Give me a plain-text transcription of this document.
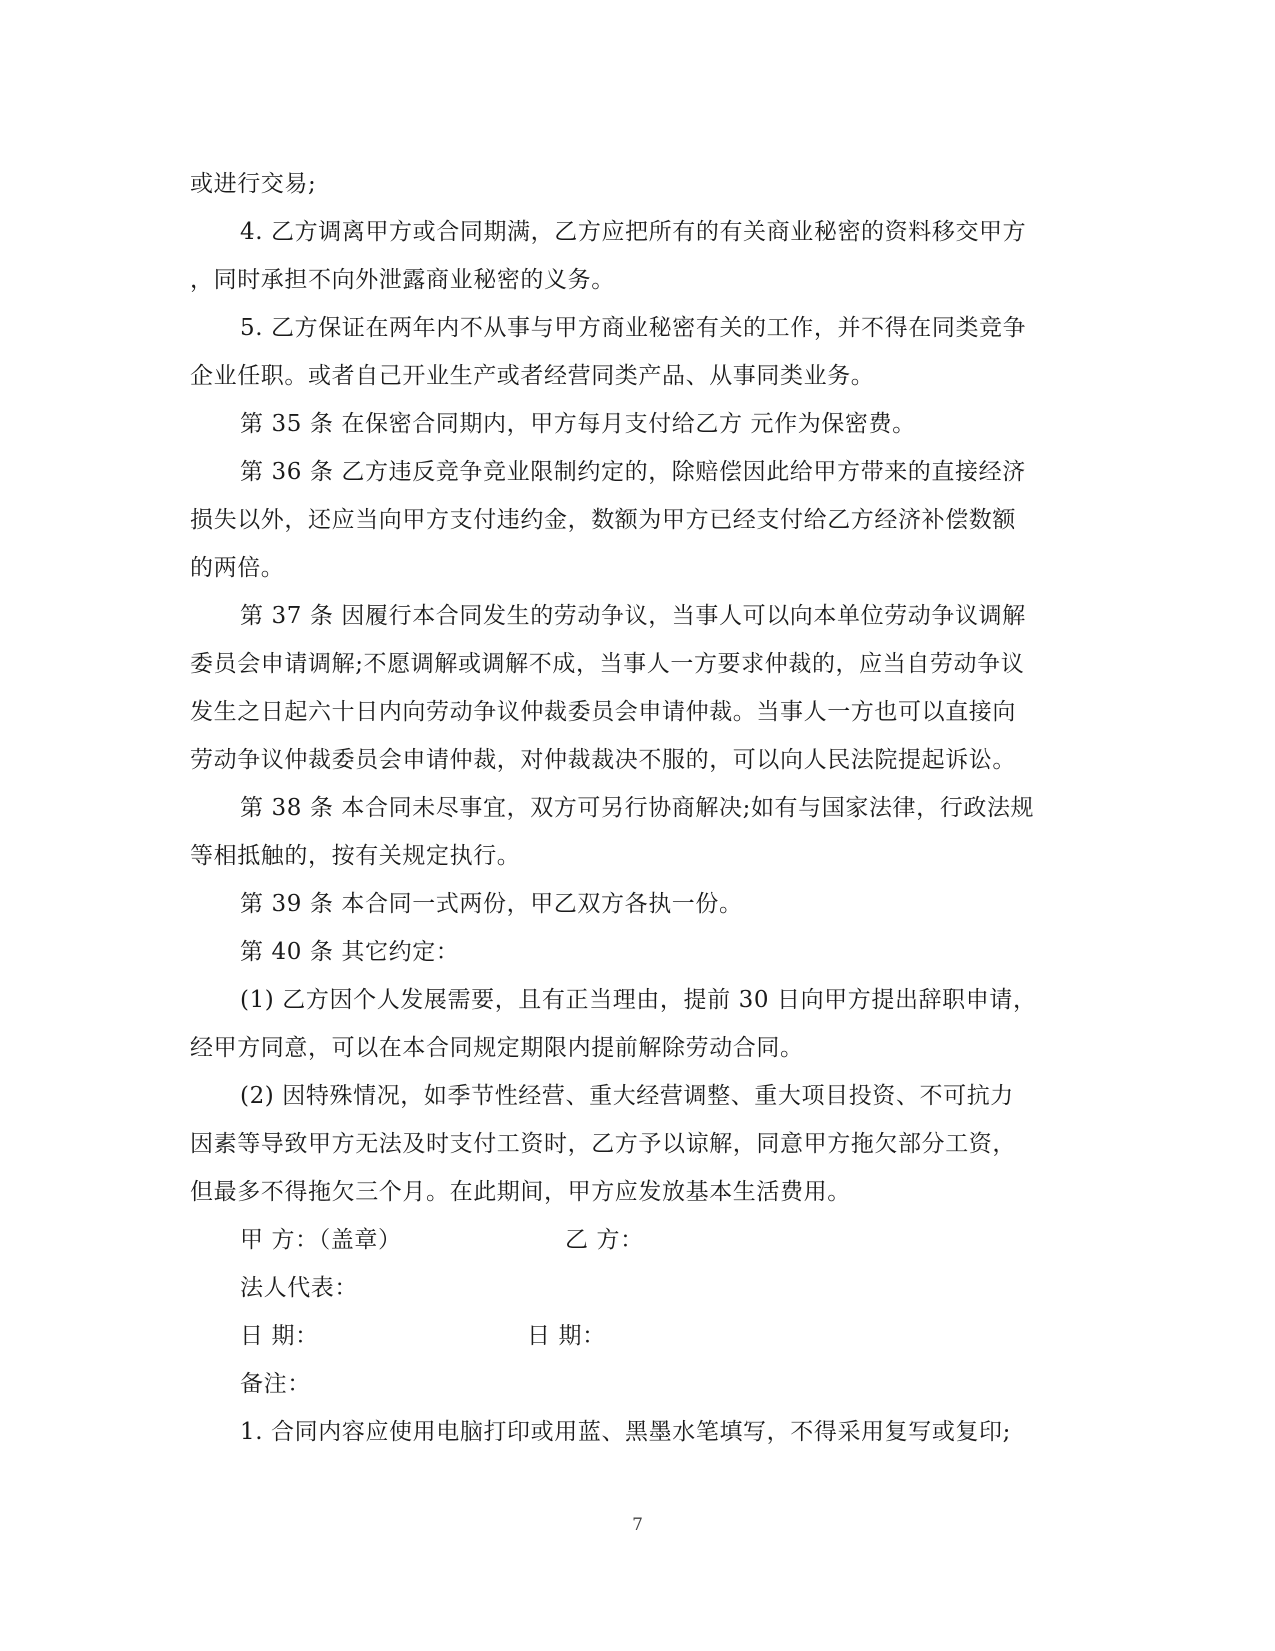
或进行交易;
4. 乙方调离甲方或合同期满，乙方应把所有的有关商业秘密的资料移交甲方
，同时承担不向外泄露商业秘密的义务。
5. 乙方保证在两年内不从事与甲方商业秘密有关的工作，并不得在同类竞争
企业任职。或者自己开业生产或者经营同类产品、从事同类业务。
第 35 条 在保密合同期内，甲方每月支付给乙方 元作为保密费。
第 36 条 乙方违反竞争竞业限制约定的，除赔偿因此给甲方带来的直接经济
损失以外，还应当向甲方支付违约金，数额为甲方已经支付给乙方经济补偿数额
的两倍。
第 37 条 因履行本合同发生的劳动争议，当事人可以向本单位劳动争议调解
委员会申请调解;不愿调解或调解不成，当事人一方要求仲裁的，应当自劳动争议
发生之日起六十日内向劳动争议仲裁委员会申请仲裁。当事人一方也可以直接向
劳动争议仲裁委员会申请仲裁，对仲裁裁决不服的，可以向人民法院提起诉讼。
第 38 条 本合同未尽事宜，双方可另行协商解决;如有与国家法律，行政法规
等相抵触的，按有关规定执行。
第 39 条 本合同一式两份，甲乙双方各执一份。
第 40 条 其它约定：
(1) 乙方因个人发展需要，且有正当理由，提前 30 日向甲方提出辞职申请，
经甲方同意，可以在本合同规定期限内提前解除劳动合同。
(2) 因特殊情况，如季节性经营、重大经营调整、重大项目投资、不可抗力
因素等导致甲方无法及时支付工资时，乙方予以谅解，同意甲方拖欠部分工资，
但最多不得拖欠三个月。在此期间，甲方应发放基本生活费用。
甲 方：（盖章）	乙 方：
法人代表：
日 期：	日 期：
备注：
1. 合同内容应使用电脑打印或用蓝、黑墨水笔填写，不得采用复写或复印;
7
